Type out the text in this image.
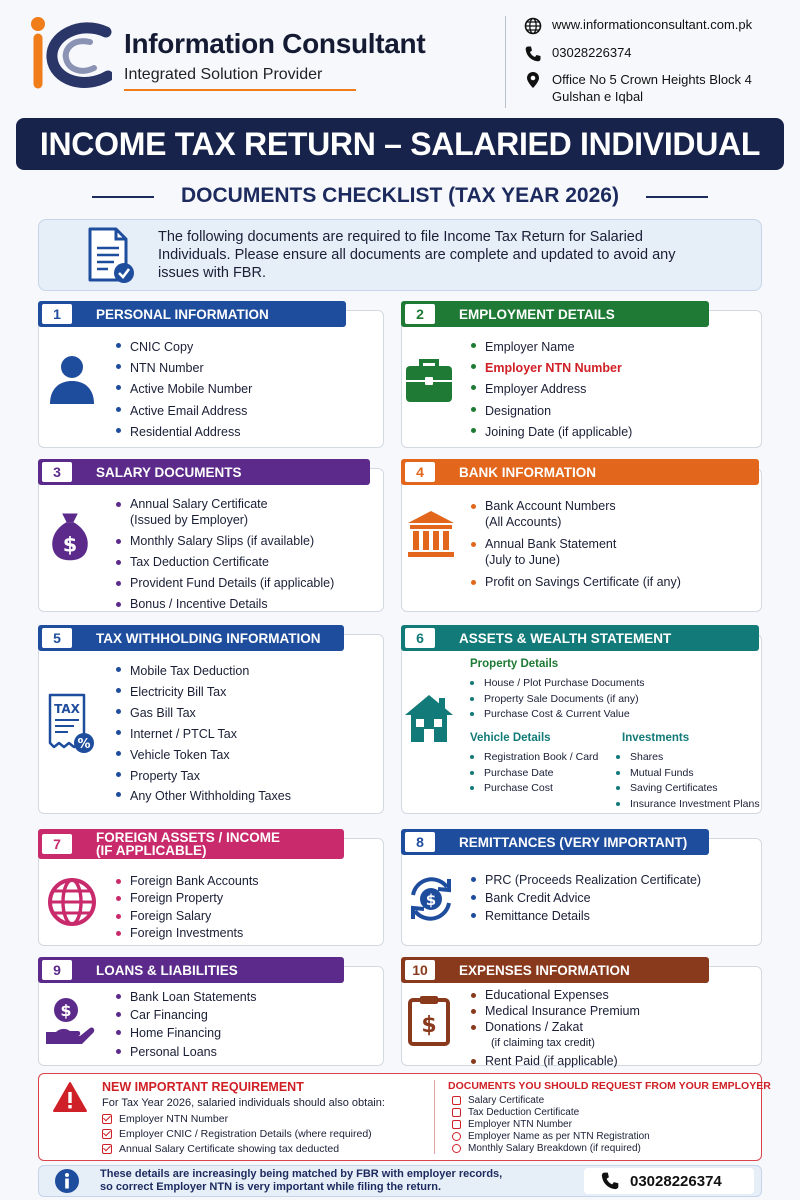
Information Consultant
Integrated Solution Provider
www.informationconsultant.com.pk
03028226374
Office No 5 Crown Heights Block 4
Gulshan e Iqbal
INCOME TAX RETURN – SALARIED INDIVIDUAL
DOCUMENTS CHECKLIST (TAX YEAR 2026)
The following documents are required to file Income Tax Return for Salaried Individuals. Please ensure all documents are complete and updated to avoid any issues with FBR.
1	PERSONAL INFORMATION
CNIC Copy
NTN Number
Active Mobile Number
Active Email Address
Residential Address
2	EMPLOYMENT DETAILS
Employer Name
Employer NTN Number
Employer Address
Designation
Joining Date (if applicable)
3	SALARY DOCUMENTS
$
Annual Salary Certificate
(Issued by Employer)
Monthly Salary Slips (if available)
Tax Deduction Certificate
Provident Fund Details (if applicable)
Bonus / Incentive Details
4	BANK INFORMATION
Bank Account Numbers
(All Accounts)
Annual Bank Statement
(July to June)
Profit on Savings Certificate (if any)
5	TAX WITHHOLDING INFORMATION
TAX
%
Mobile Tax Deduction
Electricity Bill Tax
Gas Bill Tax
Internet / PTCL Tax
Vehicle Token Tax
Property Tax
Any Other Withholding Taxes
6	ASSETS & WEALTH STATEMENT
Property Details
House / Plot Purchase Documents
Property Sale Documents (if any)
Purchase Cost & Current Value
Vehicle Details
Registration Book / Card
Purchase Date
Purchase Cost
Investments
Shares
Mutual Funds
Saving Certificates
Insurance Investment Plans
7	FOREIGN ASSETS / INCOME
(IF APPLICABLE)
Foreign Bank Accounts
Foreign Property
Foreign Salary
Foreign Investments
8	REMITTANCES (VERY IMPORTANT)
$
PRC (Proceeds Realization Certificate)
Bank Credit Advice
Remittance Details
9	LOANS & LIABILITIES
$
Bank Loan Statements
Car Financing
Home Financing
Personal Loans
10	EXPENSES INFORMATION
$
Educational Expenses
Medical Insurance Premium
Donations / Zakat
(if claiming tax credit)
Rent Paid (if applicable)
NEW IMPORTANT REQUIREMENT
For Tax Year 2026, salaried individuals should also obtain:
Employer NTN Number
Employer CNIC / Registration Details (where required)
Annual Salary Certificate showing tax deducted
DOCUMENTS YOU SHOULD REQUEST FROM YOUR EMPLOYER
Salary Certificate
Tax Deduction Certificate
Employer NTN Number
Employer Name as per NTN Registration
Monthly Salary Breakdown (if required)
These details are increasingly being matched by FBR with employer records,
so correct Employer NTN is very important while filing the return.	03028226374
